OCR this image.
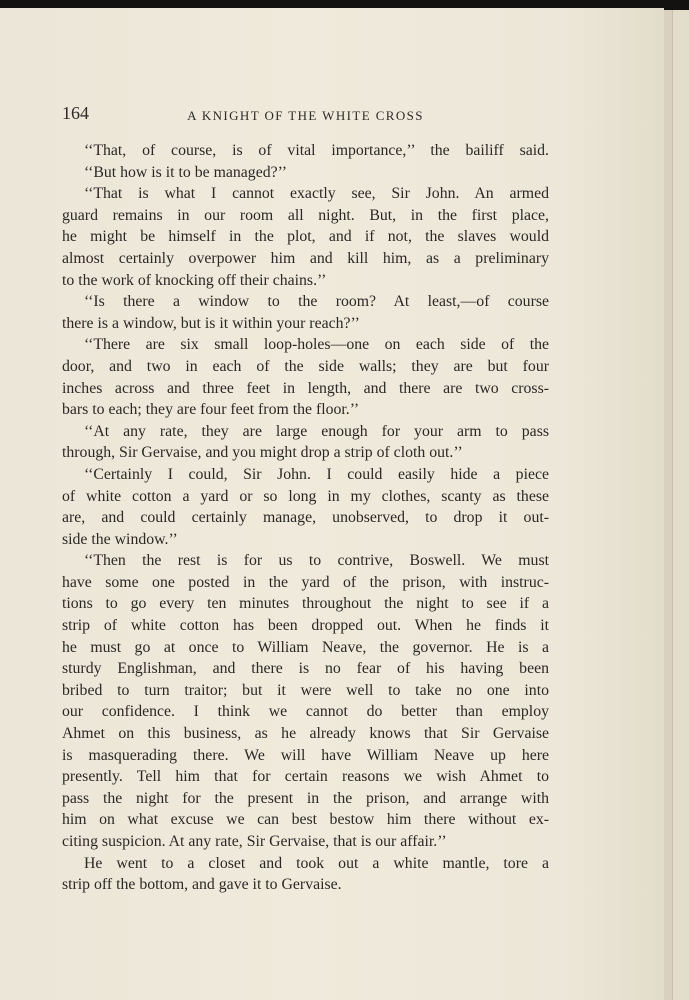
164	A KNIGHT OF THE WHITE CROSS
‘‘That, of course, is of vital importance,’’ the bailiff said.
‘‘But how is it to be managed?’’
‘‘That is what I cannot exactly see, Sir John. An armed
guard remains in our room all night. But, in the first place,
he might be himself in the plot, and if not, the slaves would
almost certainly overpower him and kill him, as a preliminary
to the work of knocking off their chains.’’
‘‘Is there a window to the room? At least,—of course
there is a window, but is it within your reach?’’
‘‘There are six small loop-holes—one on each side of the
door, and two in each of the side walls; they are but four
inches across and three feet in length, and there are two cross-
bars to each; they are four feet from the floor.’’
‘‘At any rate, they are large enough for your arm to pass
through, Sir Gervaise, and you might drop a strip of cloth out.’’
‘‘Certainly I could, Sir John. I could easily hide a piece
of white cotton a yard or so long in my clothes, scanty as these
are, and could certainly manage, unobserved, to drop it out-
side the window.’’
‘‘Then the rest is for us to contrive, Boswell. We must
have some one posted in the yard of the prison, with instruc-
tions to go every ten minutes throughout the night to see if a
strip of white cotton has been dropped out. When he finds it
he must go at once to William Neave, the governor. He is a
sturdy Englishman, and there is no fear of his having been
bribed to turn traitor; but it were well to take no one into
our confidence. I think we cannot do better than employ
Ahmet on this business, as he already knows that Sir Gervaise
is masquerading there. We will have William Neave up here
presently. Tell him that for certain reasons we wish Ahmet to
pass the night for the present in the prison, and arrange with
him on what excuse we can best bestow him there without ex-
citing suspicion. At any rate, Sir Gervaise, that is our affair.’’
He went to a closet and took out a white mantle, tore a
strip off the bottom, and gave it to Gervaise.
